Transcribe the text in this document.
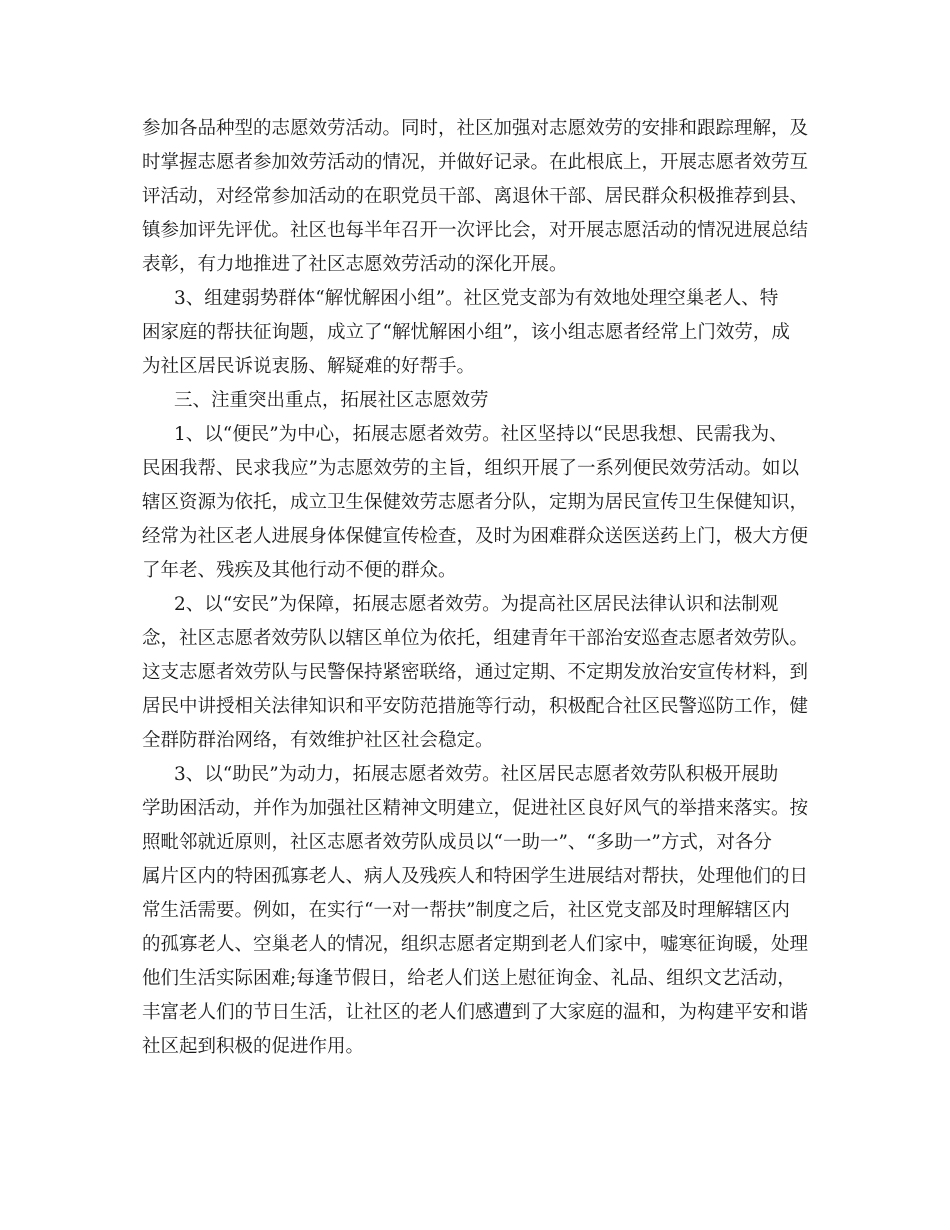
参加各品种型的志愿效劳活动。同时，社区加强对志愿效劳的安排和跟踪理解，及
时掌握志愿者参加效劳活动的情况，并做好记录。在此根底上，开展志愿者效劳互
评活动，对经常参加活动的在职党员干部、离退休干部、居民群众积极推荐到县、
镇参加评先评优。社区也每半年召开一次评比会，对开展志愿活动的情况进展总结
表彰，有力地推进了社区志愿效劳活动的深化开展。
3、组建弱势群体“解忧解困小组”。社区党支部为有效地处理空巢老人、特
困家庭的帮扶征询题，成立了“解忧解困小组”，该小组志愿者经常上门效劳，成
为社区居民诉说衷肠、解疑难的好帮手。
三、注重突出重点，拓展社区志愿效劳
1、以“便民”为中心，拓展志愿者效劳。社区坚持以“民思我想、民需我为、
民困我帮、民求我应”为志愿效劳的主旨，组织开展了一系列便民效劳活动。如以
辖区资源为依托，成立卫生保健效劳志愿者分队，定期为居民宣传卫生保健知识，
经常为社区老人进展身体保健宣传检查，及时为困难群众送医送药上门，极大方便
了年老、残疾及其他行动不便的群众。
2、以“安民”为保障，拓展志愿者效劳。为提高社区居民法律认识和法制观
念，社区志愿者效劳队以辖区单位为依托，组建青年干部治安巡查志愿者效劳队。
这支志愿者效劳队与民警保持紧密联络，通过定期、不定期发放治安宣传材料，到
居民中讲授相关法律知识和平安防范措施等行动，积极配合社区民警巡防工作，健
全群防群治网络，有效维护社区社会稳定。
3、以“助民”为动力，拓展志愿者效劳。社区居民志愿者效劳队积极开展助
学助困活动，并作为加强社区精神文明建立，促进社区良好风气的举措来落实。按
照毗邻就近原则，社区志愿者效劳队成员以“一助一”、“多助一”方式，对各分
属片区内的特困孤寡老人、病人及残疾人和特困学生进展结对帮扶，处理他们的日
常生活需要。例如，在实行“一对一帮扶”制度之后，社区党支部及时理解辖区内
的孤寡老人、空巢老人的情况，组织志愿者定期到老人们家中，嘘寒征询暖，处理
他们生活实际困难;每逢节假日，给老人们送上慰征询金、礼品、组织文艺活动，
丰富老人们的节日生活，让社区的老人们感遭到了大家庭的温和，为构建平安和谐
社区起到积极的促进作用。
